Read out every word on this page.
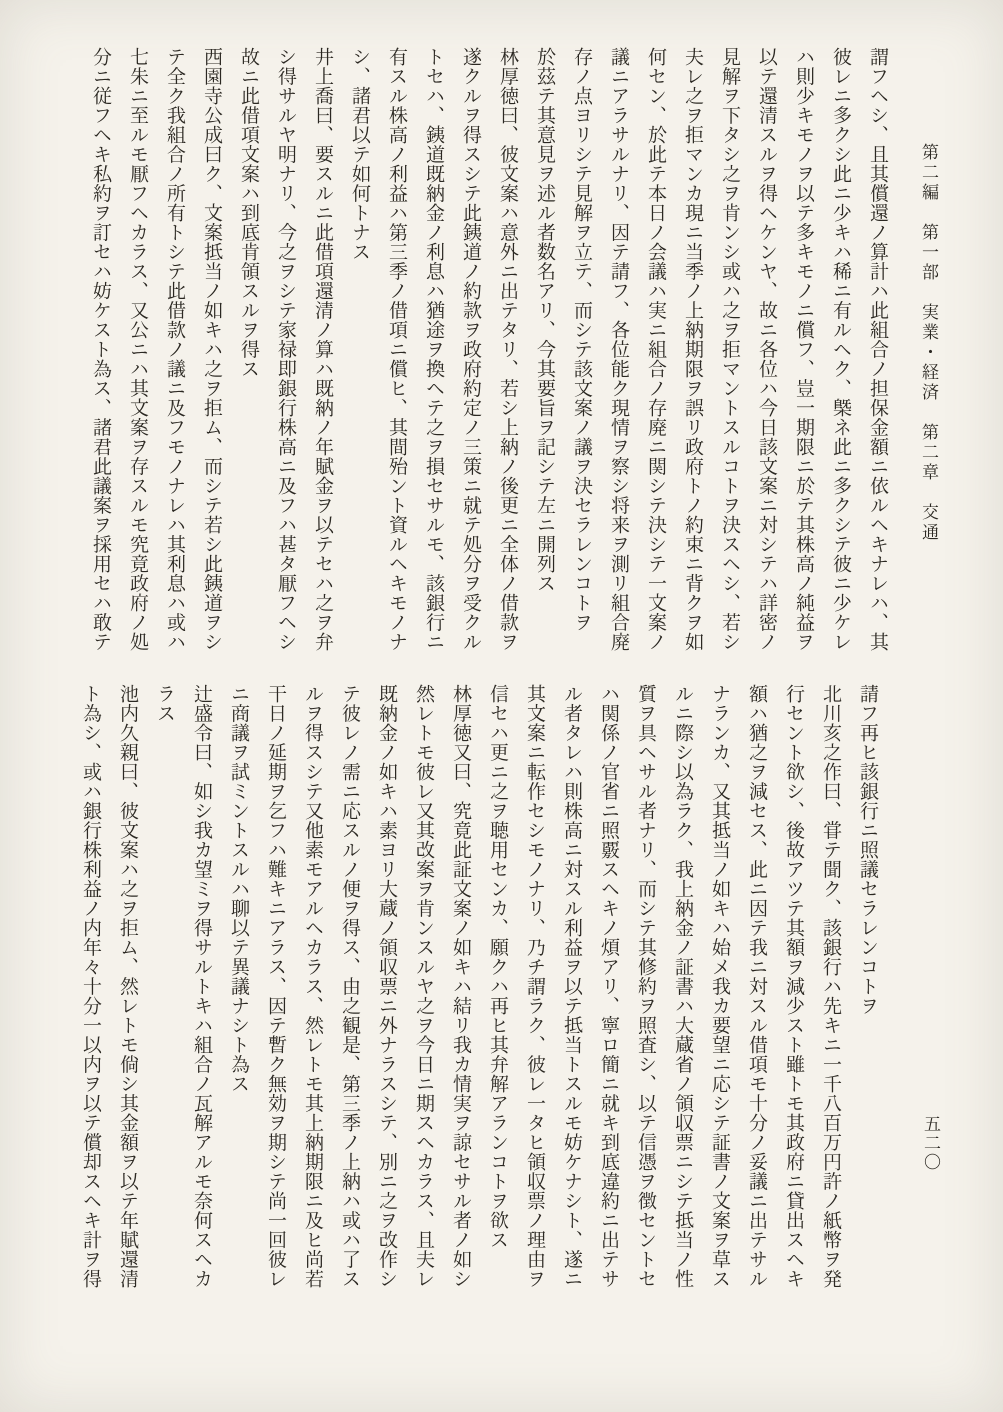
第二編　第一部　実業・経済　第二章　交通
五二〇
謂フヘシ、且其償還ノ算計ハ此組合ノ担保金額ニ依ルヘキナレハ、其
彼レニ多クシ此ニ少キハ稀ニ有ルヘク、槩ネ此ニ多クシテ彼ニ少ケレ
ハ則少キモノヲ以テ多キモノニ償フ、豈一期限ニ於テ其株高ノ純益ヲ
以テ還清スルヲ得ヘケンヤ、故ニ各位ハ今日該文案ニ対シテハ詳密ノ
見解ヲ下タシ之ヲ肯ンシ或ハ之ヲ拒マントスルコトヲ決スヘシ、若シ
夫レ之ヲ拒マンカ現ニ当季ノ上納期限ヲ誤リ政府トノ約束ニ背クヲ如
何セン、於此テ本日ノ会議ハ実ニ組合ノ存廃ニ関シテ決シテ一文案ノ
議ニアラサルナリ、因テ請フ、各位能ク現情ヲ察シ将来ヲ測リ組合廃
存ノ点ヨリシテ見解ヲ立テ、而シテ該文案ノ議ヲ決セラレンコトヲ
於茲テ其意見ヲ述ル者数名アリ、今其要旨ヲ記シテ左ニ開列ス
林厚徳曰、彼文案ハ意外ニ出テタリ、若シ上納ノ後更ニ全体ノ借款ヲ
遂クルヲ得スシテ此銕道ノ約款ヲ政府約定ノ三策ニ就テ処分ヲ受クル
トセハ、銕道既納金ノ利息ハ猶途ヲ換ヘテ之ヲ損セサルモ、該銀行ニ
有スル株高ノ利益ハ第三季ノ借項ニ償ヒ、其間殆ント資ルヘキモノナ
シ、諸君以テ如何トナス
井上喬曰、要スルニ此借項還清ノ算ハ既納ノ年賦金ヲ以テセハ之ヲ弁
シ得サルヤ明ナリ、今之ヲシテ家禄即銀行株高ニ及フハ甚タ厭フヘシ
故ニ此借項文案ハ到底肯領スルヲ得ス
西園寺公成曰ク、文案抵当ノ如キハ之ヲ拒ム、而シテ若シ此銕道ヲシ
テ全ク我組合ノ所有トシテ此借款ノ議ニ及フモノナレハ其利息ハ或ハ
七朱ニ至ルモ厭フヘカラス、又公ニハ其文案ヲ存スルモ究竟政府ノ処
分ニ従フヘキ私約ヲ訂セハ妨ケスト為ス、諸君此議案ヲ採用セハ敢テ
請フ再ヒ該銀行ニ照議セラレンコトヲ
北川亥之作曰、甞テ聞ク、該銀行ハ先キニ一千八百万円許ノ紙幣ヲ発
行セント欲シ、後故アツテ其額ヲ減少スト雖トモ其政府ニ貸出スヘキ
額ハ猶之ヲ減セス、此ニ因テ我ニ対スル借項モ十分ノ妥議ニ出テサル
ナランカ、又其抵当ノ如キハ始メ我カ要望ニ応シテ証書ノ文案ヲ草ス
ルニ際シ以為ラク、我上納金ノ証書ハ大蔵省ノ領収票ニシテ抵当ノ性
質ヲ具ヘサル者ナリ、而シテ其修約ヲ照査シ、以テ信憑ヲ徴セントセ
ハ関係ノ官省ニ照覈スヘキノ煩アリ、寧ロ簡ニ就キ到底違約ニ出テサ
ル者タレハ則株高ニ対スル利益ヲ以テ抵当トスルモ妨ケナシト、遂ニ
其文案ニ転作セシモノナリ、乃チ謂ラク、彼レ一タヒ領収票ノ理由ヲ
信セハ更ニ之ヲ聴用センカ、願クハ再ヒ其弁解アランコトヲ欲ス
林厚徳又曰、究竟此証文案ノ如キハ結リ我カ情実ヲ諒セサル者ノ如シ
然レトモ彼レ又其改案ヲ肯ンスルヤ之ヲ今日ニ期スヘカラス、且夫レ
既納金ノ如キハ素ヨリ大蔵ノ領収票ニ外ナラスシテ、別ニ之ヲ改作シ
テ彼レノ需ニ応スルノ便ヲ得ス、由之観是、第三季ノ上納ハ或ハ了ス
ルヲ得スシテ又他素モアルヘカラス、然レトモ其上納期限ニ及ヒ尚若
干日ノ延期ヲ乞フハ難キニアラス、因テ暫ク無効ヲ期シテ尚一回彼レ
ニ商議ヲ試ミントスルハ聊以テ異議ナシト為ス
辻盛令曰、如シ我カ望ミヲ得サルトキハ組合ノ瓦解アルモ奈何スヘカ
ラス
池内久親曰、彼文案ハ之ヲ拒ム、然レトモ倘シ其金額ヲ以テ年賦還清
ト為シ、或ハ銀行株利益ノ内年々十分一以内ヲ以テ償却スヘキ計ヲ得
